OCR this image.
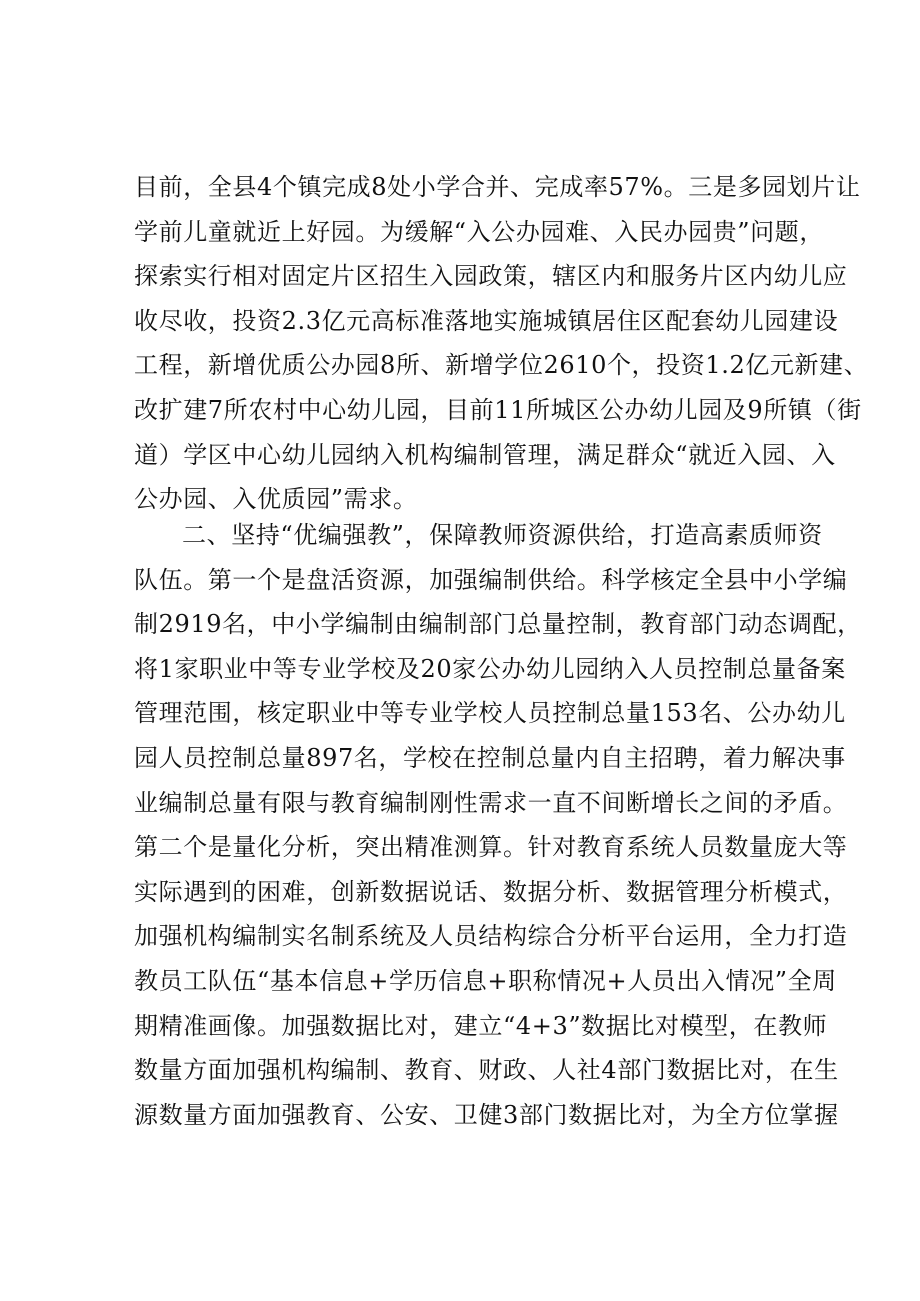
目前，全县4个镇完成8处小学合并、完成率57%。三是多园划片让
学前儿童就近上好园。为缓解“入公办园难、入民办园贵”问题，
探索实行相对固定片区招生入园政策，辖区内和服务片区内幼儿应
收尽收，投资2.3亿元高标准落地实施城镇居住区配套幼儿园建设
工程，新增优质公办园8所、新增学位2610个，投资1.2亿元新建、
改扩建7所农村中心幼儿园，目前11所城区公办幼儿园及9所镇（街
道）学区中心幼儿园纳入机构编制管理，满足群众“就近入园、入
公办园、入优质园”需求。
二、坚持“优编强教”，保障教师资源供给，打造高素质师资
队伍。第一个是盘活资源，加强编制供给。科学核定全县中小学编
制2919名，中小学编制由编制部门总量控制，教育部门动态调配，
将1家职业中等专业学校及20家公办幼儿园纳入人员控制总量备案
管理范围，核定职业中等专业学校人员控制总量153名、公办幼儿
园人员控制总量897名，学校在控制总量内自主招聘，着力解决事
业编制总量有限与教育编制刚性需求一直不间断增长之间的矛盾。
第二个是量化分析，突出精准测算。针对教育系统人员数量庞大等
实际遇到的困难，创新数据说话、数据分析、数据管理分析模式，
加强机构编制实名制系统及人员结构综合分析平台运用，全力打造
教员工队伍“基本信息+学历信息+职称情况+人员出入情况”全周
期精准画像。加强数据比对，建立“4+3”数据比对模型，在教师
数量方面加强机构编制、教育、财政、人社4部门数据比对，在生
源数量方面加强教育、公安、卫健3部门数据比对，为全方位掌握
